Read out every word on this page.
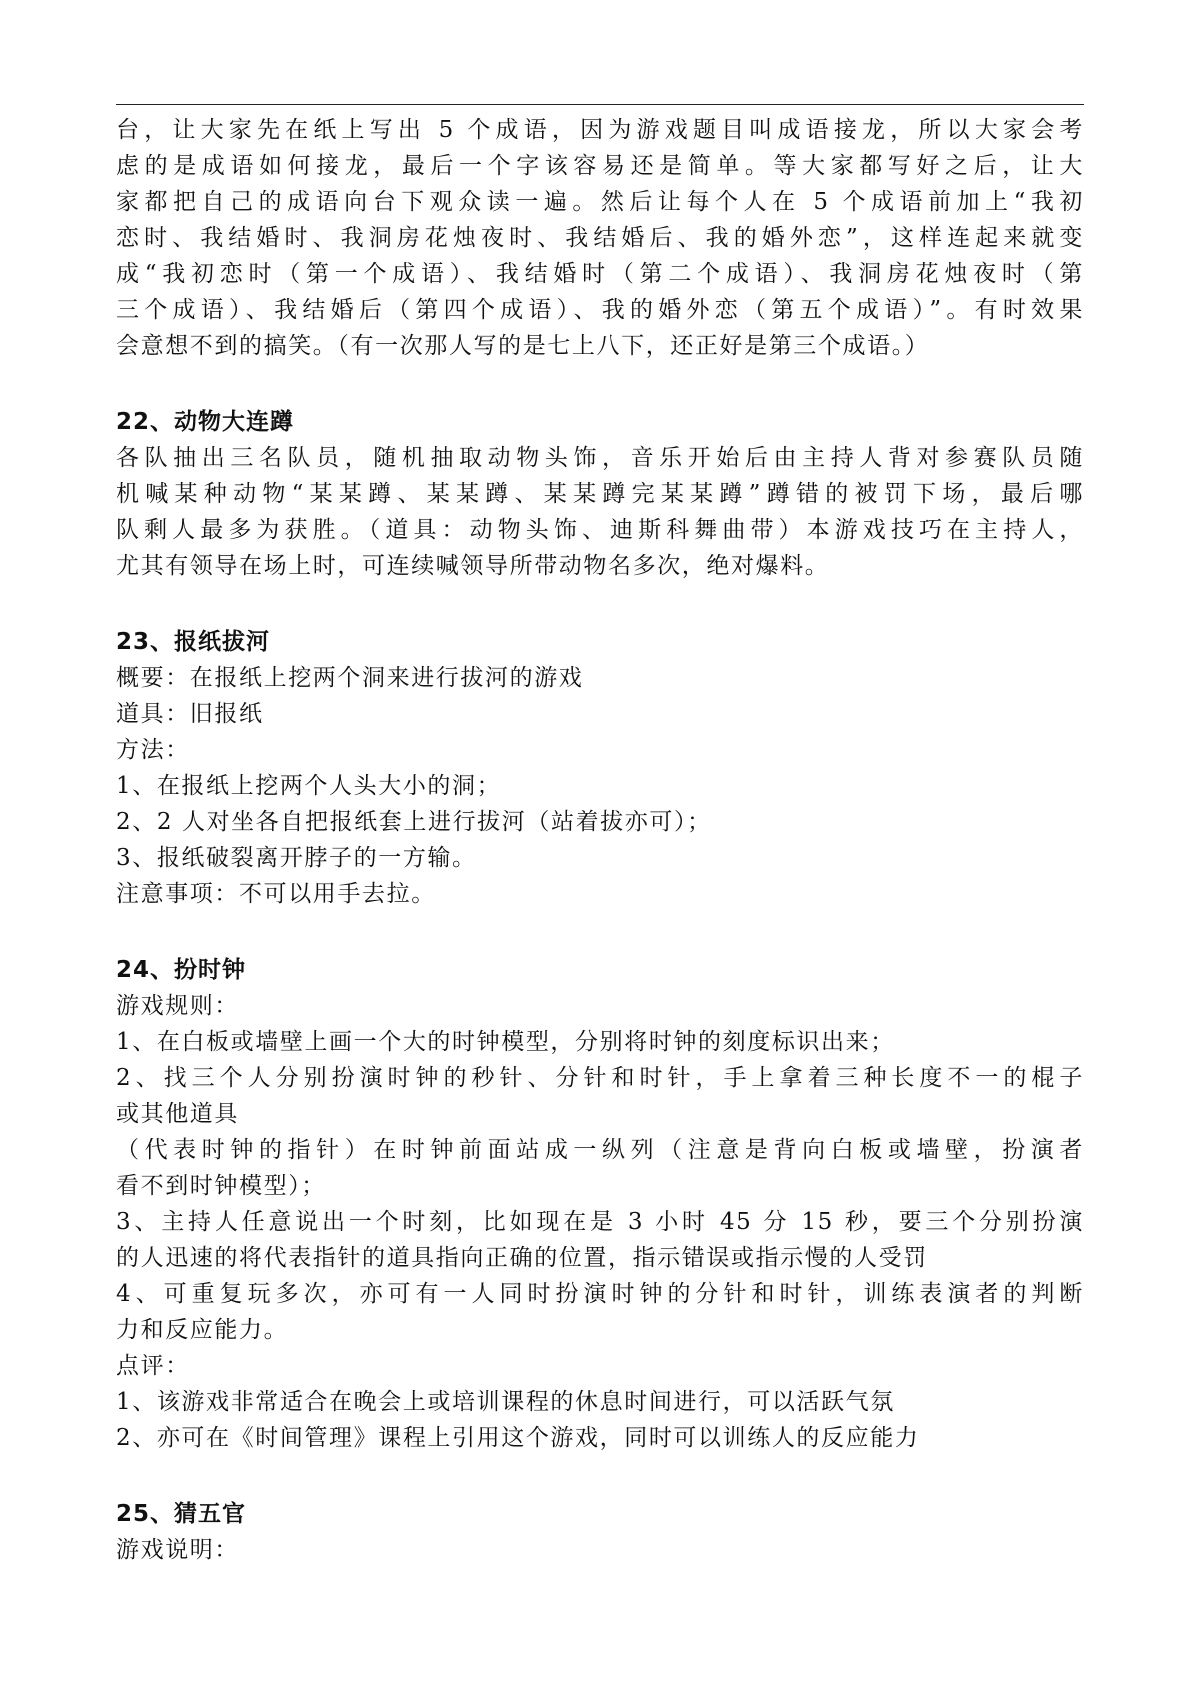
台，让大家先在纸上写出 5 个成语，因为游戏题目叫成语接龙，所以大家会考
虑的是成语如何接龙，最后一个字该容易还是简单。等大家都写好之后，让大
家都把自己的成语向台下观众读一遍。然后让每个人在 5 个成语前加上“我初
恋时、我结婚时、我洞房花烛夜时、我结婚后、我的婚外恋”，这样连起来就变
成“我初恋时（第一个成语）、我结婚时（第二个成语）、我洞房花烛夜时（第
三个成语）、我结婚后（第四个成语）、我的婚外恋（第五个成语）”。有时效果

会意想不到的搞笑。（有一次那人写的是七上八下，还正好是第三个成语。）

22、动物大连蹲

各队抽出三名队员，随机抽取动物头饰，音乐开始后由主持人背对参赛队员随
机喊某种动物“某某蹲、某某蹲、某某蹲完某某蹲”蹲错的被罚下场，最后哪
队剩人最多为获胜。（道具：动物头饰、迪斯科舞曲带）本游戏技巧在主持人，

尤其有领导在场上时，可连续喊领导所带动物名多次，绝对爆料。

23、报纸拔河

概要：在报纸上挖两个洞来进行拔河的游戏

道具：旧报纸

方法：

1、在报纸上挖两个人头大小的洞；

2、2 人对坐各自把报纸套上进行拔河（站着拔亦可）；

3、报纸破裂离开脖子的一方输。

注意事项：不可以用手去拉。

24、扮时钟

游戏规则：

1、在白板或墙壁上画一个大的时钟模型，分别将时钟的刻度标识出来；

2、找三个人分别扮演时钟的秒针、分针和时针，手上拿着三种长度不一的棍子

或其他道具

（代表时钟的指针）在时钟前面站成一纵列（注意是背向白板或墙壁，扮演者

看不到时钟模型）；

3、主持人任意说出一个时刻，比如现在是 3 小时 45 分 15 秒，要三个分别扮演

的人迅速的将代表指针的道具指向正确的位置，指示错误或指示慢的人受罚

4、可重复玩多次，亦可有一人同时扮演时钟的分针和时针，训练表演者的判断

力和反应能力。

点评：

1、该游戏非常适合在晚会上或培训课程的休息时间进行，可以活跃气氛

2、亦可在《时间管理》课程上引用这个游戏，同时可以训练人的反应能力

25、猜五官

游戏说明：
